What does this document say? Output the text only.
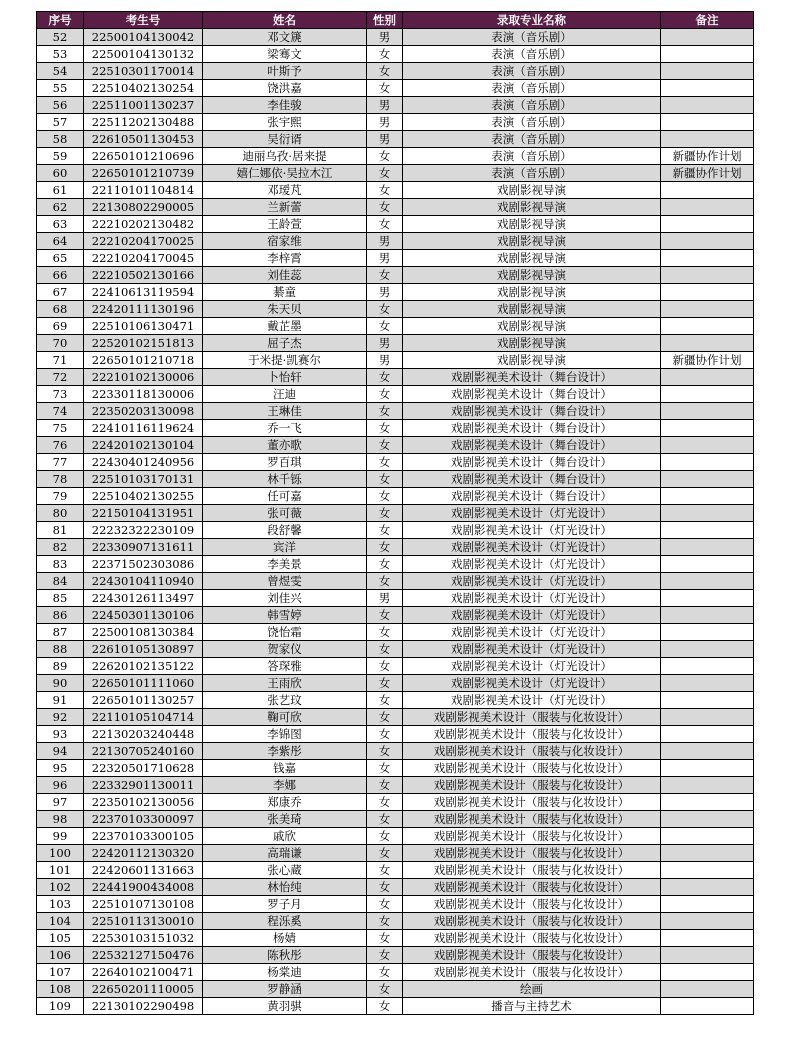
序号	考生号	姓名	性别	录取专业名称	备注
52	22500104130042	邓文篪	男	表演（音乐剧）	
53	22500104130132	梁骞文	女	表演（音乐剧）	
54	22510301170014	叶斯予	女	表演（音乐剧）	
55	22510402130254	饶洪嘉	女	表演（音乐剧）	
56	22511001130237	李佳骏	男	表演（音乐剧）	
57	22511202130488	张宇熙	男	表演（音乐剧）	
58	22610501130453	吴衍谞	男	表演（音乐剧）	
59	22650101210696	迪丽乌孜·居来提	女	表演（音乐剧）	新疆协作计划
60	22650101210739	嬉仁娜依·吴拉木江	女	表演（音乐剧）	新疆协作计划
61	22110101104814	邓瑷芃	女	戏剧影视导演	
62	22130802290005	兰新蕾	女	戏剧影视导演	
63	22210202130482	王龄萱	女	戏剧影视导演	
64	22210204170025	宿家维	男	戏剧影视导演	
65	22210204170045	李梓霄	男	戏剧影视导演	
66	22210502130166	刘佳蕊	女	戏剧影视导演	
67	22410613119594	綦童	男	戏剧影视导演	
68	22420111130196	朱天贝	女	戏剧影视导演	
69	22510106130471	戴芷墨	女	戏剧影视导演	
70	22520102151813	屈子杰	男	戏剧影视导演	
71	22650101210718	于米提·凯赛尔	男	戏剧影视导演	新疆协作计划
72	22210102130006	卜怡轩	女	戏剧影视美术设计（舞台设计）	
73	22330118130006	汪迪	女	戏剧影视美术设计（舞台设计）	
74	22350203130098	王琳佳	女	戏剧影视美术设计（舞台设计）	
75	22410116119624	乔一飞	女	戏剧影视美术设计（舞台设计）	
76	22420102130104	董亦歌	女	戏剧影视美术设计（舞台设计）	
77	22430401240956	罗百琪	女	戏剧影视美术设计（舞台设计）	
78	22510103170131	林千铄	女	戏剧影视美术设计（舞台设计）	
79	22510402130255	任可嘉	女	戏剧影视美术设计（舞台设计）	
80	22150104131951	张可薇	女	戏剧影视美术设计（灯光设计）	
81	22232322230109	段舒馨	女	戏剧影视美术设计（灯光设计）	
82	22330907131611	宾洋	女	戏剧影视美术设计（灯光设计）	
83	22371502303086	李美景	女	戏剧影视美术设计（灯光设计）	
84	22430104110940	曾煜雯	女	戏剧影视美术设计（灯光设计）	
85	22430126113497	刘佳兴	男	戏剧影视美术设计（灯光设计）	
86	22450301130106	韩雪婷	女	戏剧影视美术设计（灯光设计）	
87	22500108130384	饶怡霜	女	戏剧影视美术设计（灯光设计）	
88	22610105130897	贺家仪	女	戏剧影视美术设计（灯光设计）	
89	22620102135122	答琛雅	女	戏剧影视美术设计（灯光设计）	
90	22650101111060	王雨欣	女	戏剧影视美术设计（灯光设计）	
91	22650101130257	张艺玟	女	戏剧影视美术设计（灯光设计）	
92	22110105104714	鞠可欣	女	戏剧影视美术设计（服装与化妆设计）	
93	22130203240448	李锦图	女	戏剧影视美术设计（服装与化妆设计）	
94	22130705240160	李紫彤	女	戏剧影视美术设计（服装与化妆设计）	
95	22320501710628	钱嘉	女	戏剧影视美术设计（服装与化妆设计）	
96	22332901130011	李娜	女	戏剧影视美术设计（服装与化妆设计）	
97	22350102130056	郑康乔	女	戏剧影视美术设计（服装与化妆设计）	
98	22370103300097	张美琦	女	戏剧影视美术设计（服装与化妆设计）	
99	22370103300105	戚欣	女	戏剧影视美术设计（服装与化妆设计）	
100	22420112130320	高瑞谦	女	戏剧影视美术设计（服装与化妆设计）	
101	22420601131663	张心蔵	女	戏剧影视美术设计（服装与化妆设计）	
102	22441900434008	林怡纯	女	戏剧影视美术设计（服装与化妆设计）	
103	22510107130108	罗子月	女	戏剧影视美术设计（服装与化妆设计）	
104	22510113130010	程泺奚	女	戏剧影视美术设计（服装与化妆设计）	
105	22530103151032	杨婧	女	戏剧影视美术设计（服装与化妆设计）	
106	22532127150476	陈秋彤	女	戏剧影视美术设计（服装与化妆设计）	
107	22640102100471	杨棠迪	女	戏剧影视美术设计（服装与化妆设计）	
108	22650201110005	罗静涵	女	绘画	
109	22130102290498	黄羽骐	女	播音与主持艺术	
